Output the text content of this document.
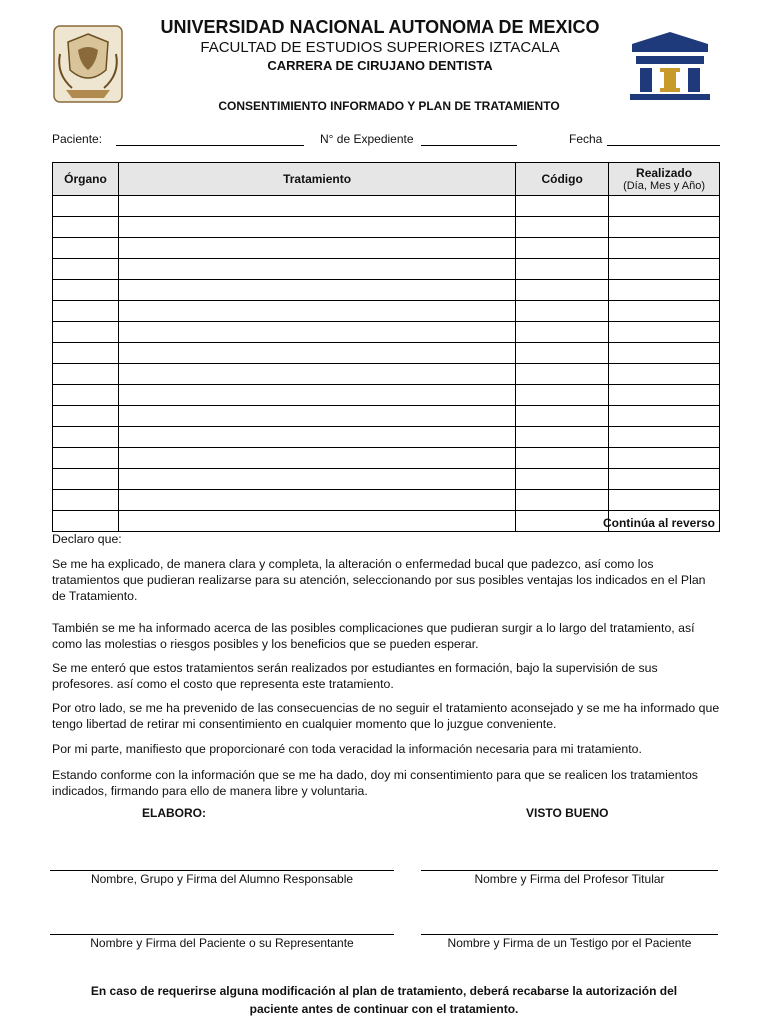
UNIVERSIDAD NACIONAL AUTONOMA DE MEXICO
FACULTAD DE ESTUDIOS SUPERIORES IZTACALA
CARRERA DE CIRUJANO DENTISTA
CONSENTIMIENTO INFORMADO Y PLAN DE TRATAMIENTO
Paciente:	N° de Expediente	Fecha
Órgano	Tratamiento	Código	Realizado
(Día, Mes y Año)

Continúa al reverso
Declaro que:
Se me ha explicado, de manera clara y completa, la alteración o enfermedad bucal que padezco, así como los tratamientos que pudieran realizarse para su atención, seleccionando por sus posibles ventajas los indicados en el Plan de Tratamiento.
También se me ha informado acerca de las posibles complicaciones que pudieran surgir a lo largo del tratamiento, así como las molestias o riesgos posibles y los beneficios que se pueden esperar.
Se me enteró que estos tratamientos serán realizados por estudiantes en formación, bajo la supervisión de sus profesores. así como el costo que representa este tratamiento.
Por otro lado, se me ha prevenido de las consecuencias de no seguir el tratamiento aconsejado y se me ha informado que tengo libertad de retirar mi consentimiento en cualquier momento que lo juzgue conveniente.
Por mi parte, manifiesto que proporcionaré con toda veracidad la información necesaria para mi tratamiento.
Estando conforme con la información que se me ha dado, doy mi consentimiento para que se realicen los tratamientos indicados, firmando para ello de manera libre y voluntaria.
ELABORO:	VISTO BUENO
Nombre, Grupo y Firma del Alumno Responsable	Nombre y Firma del Profesor Titular
Nombre y Firma del Paciente o su Representante	Nombre y Firma de un Testigo por el Paciente
En caso de requerirse alguna modificación al plan de tratamiento, deberá recabarse la autorización del
paciente antes de continuar con el tratamiento.
